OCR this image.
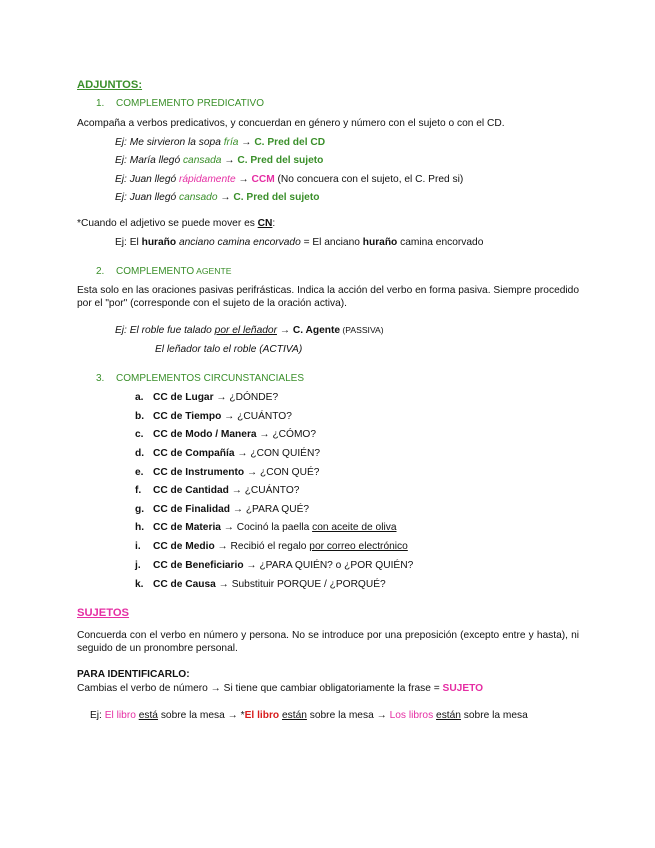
ADJUNTOS:
1. COMPLEMENTO PREDICATIVO
Acompaña a verbos predicativos, y concuerdan en género y número con el sujeto o con el CD.
Ej: Me sirvieron la sopa fría → C. Pred del CD
Ej: María llegó cansada → C. Pred del sujeto
Ej: Juan llegó rápidamente → CCM (No concuera con el sujeto, el C. Pred si)
Ej: Juan llegó cansado → C. Pred del sujeto
*Cuando el adjetivo se puede mover es CN:
Ej: El huraño anciano camina encorvado = El anciano huraño camina encorvado
2. COMPLEMENTO AGENTE
Esta solo en las oraciones pasivas perifrásticas. Indica la acción del verbo en forma pasiva. Siempre procedido por el "por" (corresponde con el sujeto de la oración activa).
Ej: El roble fue talado por el leñador → C. Agente (PASSIVA)
El leñador talo el roble (ACTIVA)
3. COMPLEMENTOS CIRCUNSTANCIALES
a. CC de Lugar → ¿DÓNDE?
b. CC de Tiempo → ¿CUÁNTO?
c. CC de Modo / Manera → ¿CÓMO?
d. CC de Compañía → ¿CON QUIÉN?
e. CC de Instrumento → ¿CON QUÉ?
f. CC de Cantidad → ¿CUÁNTO?
g. CC de Finalidad → ¿PARA QUÉ?
h. CC de Materia → Cocinó la paella con aceite de oliva
i. CC de Medio → Recibió el regalo por correo electrónico
j. CC de Beneficiario → ¿PARA QUIÉN? o ¿POR QUIÉN?
k. CC de Causa → Substituir PORQUE / ¿PORQUÉ?
SUJETOS
Concuerda con el verbo en número y persona. No se introduce por una preposición (excepto entre y hasta), ni seguido de un pronombre personal.
PARA IDENTIFICARLO:
Cambias el verbo de número → Si tiene que cambiar obligatoriamente la frase = SUJETO
Ej: El libro está sobre la mesa → *El libro están sobre la mesa → Los libros están sobre la mesa
